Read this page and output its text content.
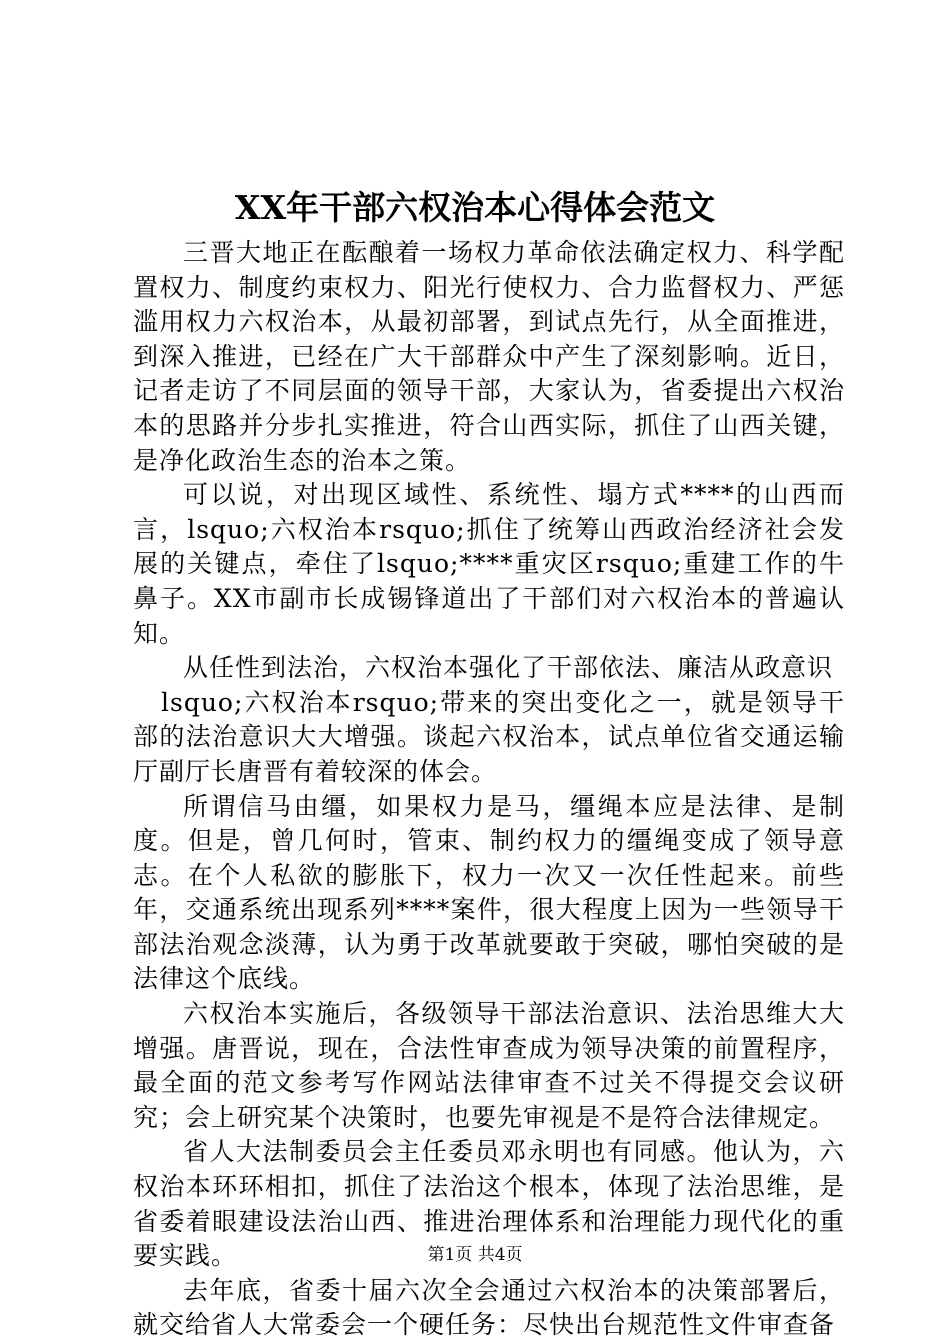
XX年干部六权治本心得体会范文

三晋大地正在酝酿着一场权力革命依法确定权力、科学配置权力、制度约束权力、阳光行使权力、合力监督权力、严惩滥用权力六权治本，从最初部署，到试点先行，从全面推进，到深入推进，已经在广大干部群众中产生了深刻影响。近日，记者走访了不同层面的领导干部，大家认为，省委提出六权治本的思路并分步扎实推进，符合山西实际，抓住了山西关键，是净化政治生态的治本之策。

可以说，对出现区域性、系统性、塌方式****的山西而言，lsquo;六权治本rsquo;抓住了统筹山西政治经济社会发展的关键点，牵住了lsquo;****重灾区rsquo;重建工作的牛鼻子。XX市副市长成锡锋道出了干部们对六权治本的普遍认知。

从任性到法治，六权治本强化了干部依法、廉洁从政意识

lsquo;六权治本rsquo;带来的突出变化之一，就是领导干部的法治意识大大增强。谈起六权治本，试点单位省交通运输厅副厅长唐晋有着较深的体会。

所谓信马由缰，如果权力是马，缰绳本应是法律、是制度。但是，曾几何时，管束、制约权力的缰绳变成了领导意志。在个人私欲的膨胀下，权力一次又一次任性起来。前些年，交通系统出现系列****案件，很大程度上因为一些领导干部法治观念淡薄，认为勇于改革就要敢于突破，哪怕突破的是法律这个底线。

六权治本实施后，各级领导干部法治意识、法治思维大大增强。唐晋说，现在，合法性审查成为领导决策的前置程序，最全面的范文参考写作网站法律审查不过关不得提交会议研究；会上研究某个决策时，也要先审视是不是符合法律规定。

省人大法制委员会主任委员邓永明也有同感。他认为，六权治本环环相扣，抓住了法治这个根本，体现了法治思维，是省委着眼建设法治山西、推进治理体系和治理能力现代化的重要实践。

去年底，省委十届六次全会通过六权治本的决策部署后，就交给省人大常委会一个硬任务：尽快出台规范性文件审查备

第1页 共4页
